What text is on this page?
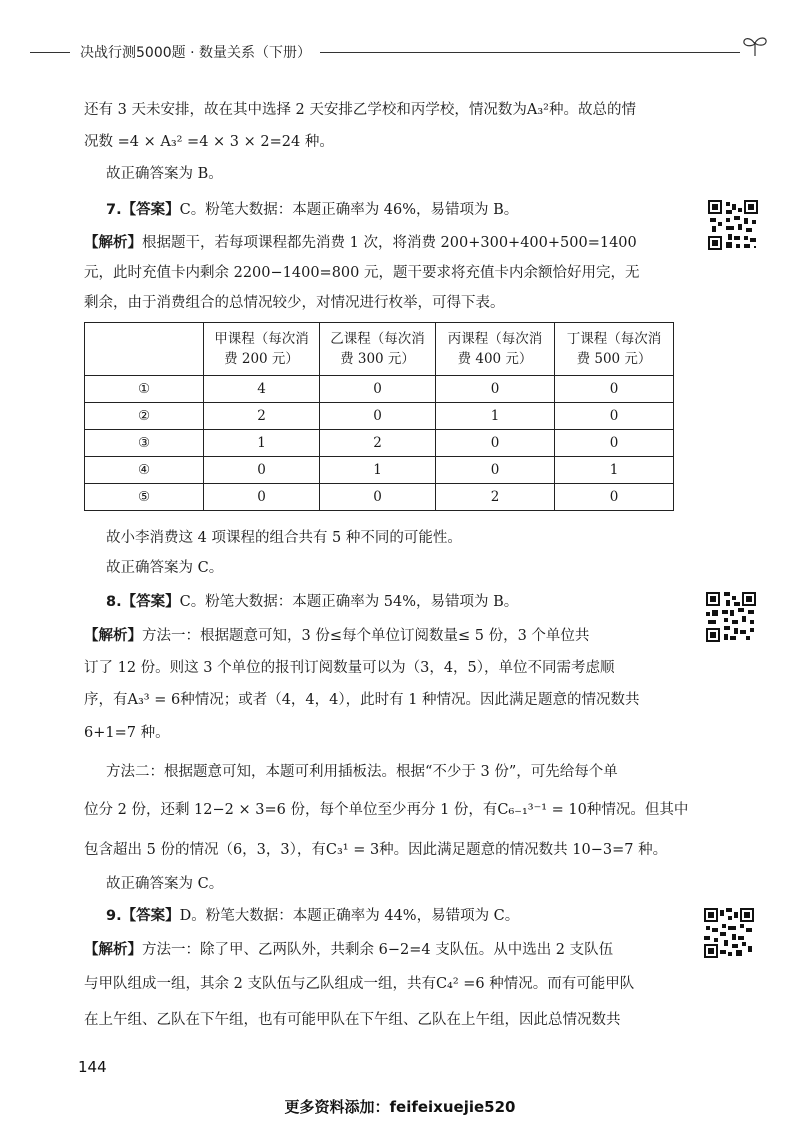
决战行测5000题 · 数量关系（下册）

还有 3 天未安排，故在其中选择 2 天安排乙学校和丙学校，情况数为A₃²种。故总的情

况数 =4 × A₃² =4 × 3 × 2=24 种。

故正确答案为 B。

7.【答案】C。粉笔大数据：本题正确率为 46%，易错项为 B。

【解析】根据题干，若每项课程都先消费 1 次，将消费 200+300+400+500=1400

元，此时充值卡内剩余 2200−1400=800 元，题干要求将充值卡内余额恰好用完，无

剩余，由于消费组合的总情况较少，对情况进行枚举，可得下表。

	甲课程（每次消费 200 元）	乙课程（每次消费 300 元）	丙课程（每次消费 400 元）	丁课程（每次消费 500 元）
①	4	0	0	0
②	2	0	1	0
③	1	2	0	0
④	0	1	0	1
⑤	0	0	2	0

故小李消费这 4 项课程的组合共有 5 种不同的可能性。

故正确答案为 C。

8.【答案】C。粉笔大数据：本题正确率为 54%，易错项为 B。

【解析】方法一：根据题意可知，3 份≤每个单位订阅数量≤ 5 份，3 个单位共

订了 12 份。则这 3 个单位的报刊订阅数量可以为（3，4，5），单位不同需考虑顺

序，有A₃³ = 6种情况；或者（4，4，4），此时有 1 种情况。因此满足题意的情况数共

6+1=7 种。

方法二：根据题意可知，本题可利用插板法。根据“不少于 3 份”，可先给每个单

位分 2 份，还剩 12−2 × 3=6 份，每个单位至少再分 1 份，有C₆₋₁³⁻¹ = 10种情况。但其中

包含超出 5 份的情况（6，3，3），有C₃¹ = 3种。因此满足题意的情况数共 10−3=7 种。

故正确答案为 C。

9.【答案】D。粉笔大数据：本题正确率为 44%，易错项为 C。

【解析】方法一：除了甲、乙两队外，共剩余 6−2=4 支队伍。从中选出 2 支队伍

与甲队组成一组，其余 2 支队伍与乙队组成一组，共有C₄² =6 种情况。而有可能甲队

在上午组、乙队在下午组，也有可能甲队在下午组、乙队在上午组，因此总情况数共

144
更多资料添加：feifeixuejie520
